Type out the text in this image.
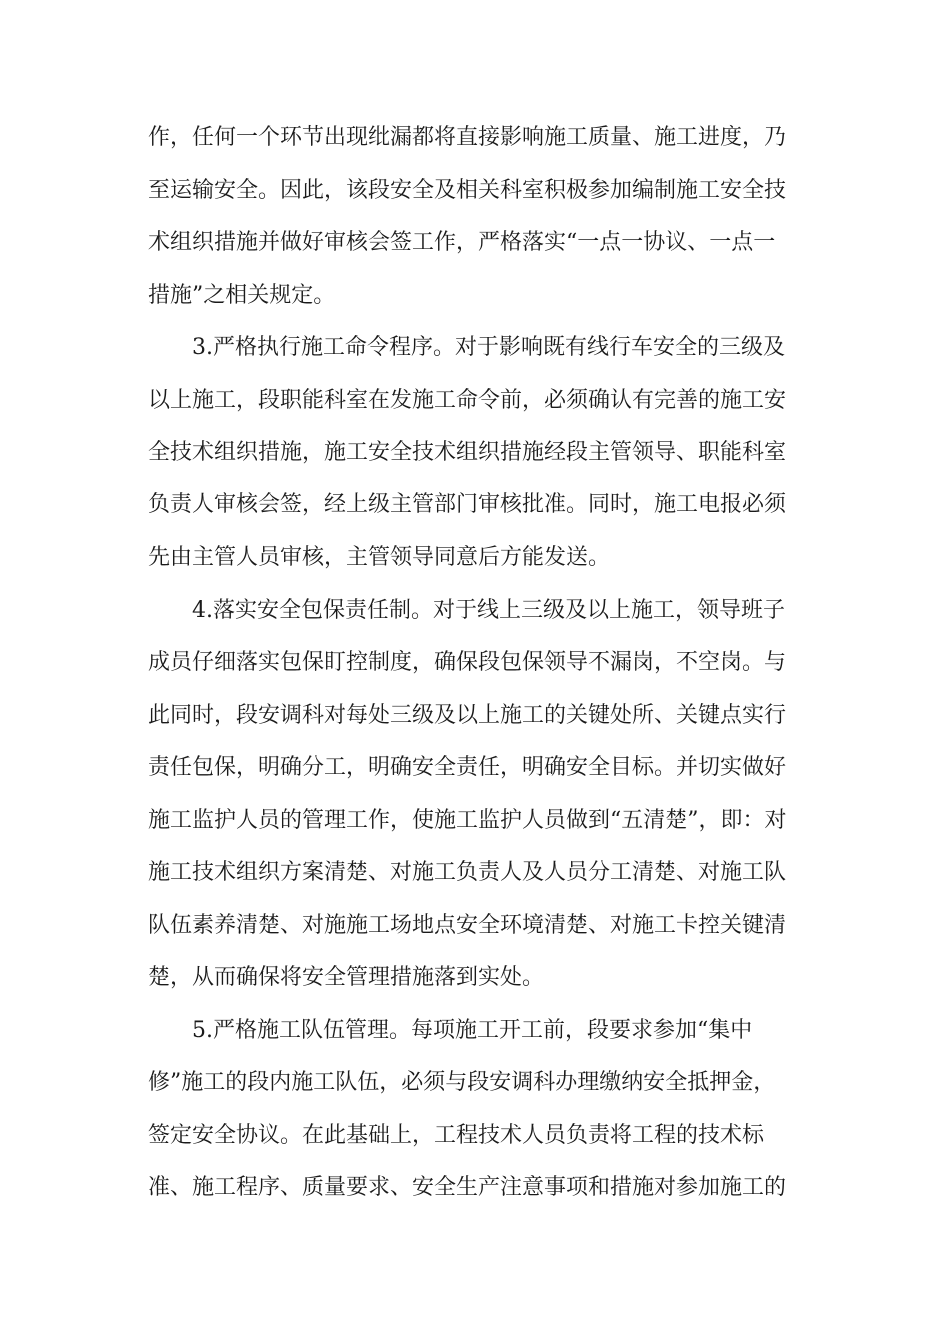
作，任何一个环节出现纰漏都将直接影响施工质量、施工进度，乃
至运输安全。因此，该段安全及相关科室积极参加编制施工安全技
术组织措施并做好审核会签工作，严格落实“一点一协议、一点一
措施”之相关规定。
3.严格执行施工命令程序。对于影响既有线行车安全的三级及
以上施工，段职能科室在发施工命令前，必须确认有完善的施工安
全技术组织措施，施工安全技术组织措施经段主管领导、职能科室
负责人审核会签，经上级主管部门审核批准。同时，施工电报必须
先由主管人员审核，主管领导同意后方能发送。
4.落实安全包保责任制。对于线上三级及以上施工，领导班子
成员仔细落实包保盯控制度，确保段包保领导不漏岗，不空岗。与
此同时，段安调科对每处三级及以上施工的关键处所、关键点实行
责任包保，明确分工，明确安全责任，明确安全目标。并切实做好
施工监护人员的管理工作，使施工监护人员做到“五清楚”，即：对
施工技术组织方案清楚、对施工负责人及人员分工清楚、对施工队
队伍素养清楚、对施施工场地点安全环境清楚、对施工卡控关键清
楚，从而确保将安全管理措施落到实处。
5.严格施工队伍管理。每项施工开工前，段要求参加“集中
修”施工的段内施工队伍，必须与段安调科办理缴纳安全抵押金，
签定安全协议。在此基础上，工程技术人员负责将工程的技术标
准、施工程序、质量要求、安全生产注意事项和措施对参加施工的
